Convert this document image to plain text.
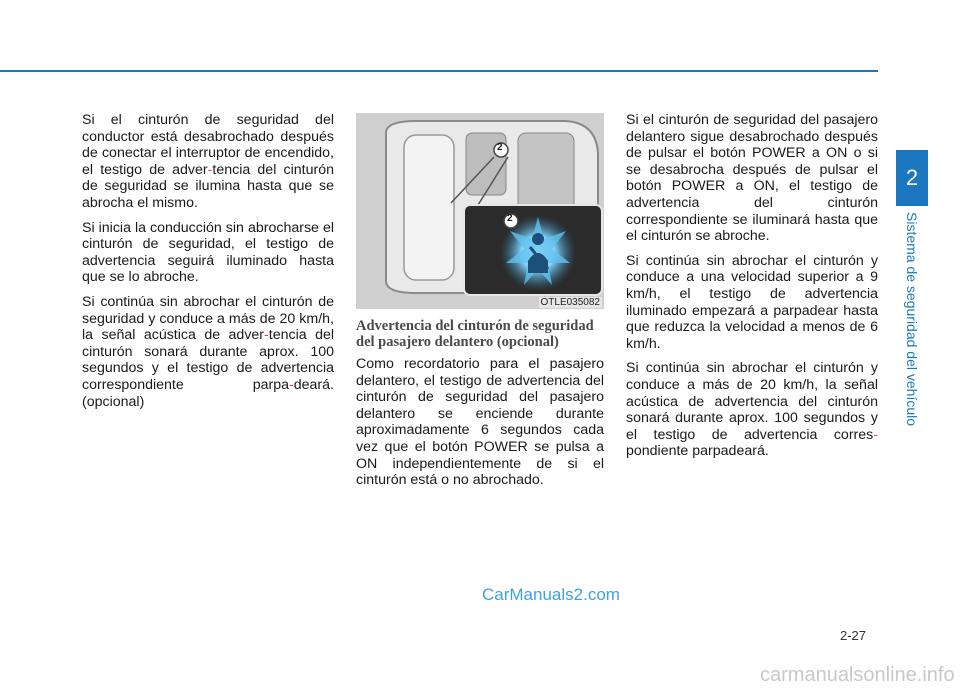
Si el cinturón de seguridad del conductor está desabrochado después de conectar el interruptor de encendido, el testigo de adver-tencia del cinturón de seguridad se ilumina hasta que se abrocha el mismo.

Si inicia la conducción sin abrocharse el cinturón de seguridad, el testigo de advertencia seguirá iluminado hasta que se lo abroche.

Si continúa sin abrochar el cinturón de seguridad y conduce a más de 20 km/h, la señal acústica de adver-tencia del cinturón sonará durante aprox. 100 segundos y el testigo de advertencia correspondiente parpa-deará. (opcional)

2
2
OTLE035082
Advertencia del cinturón de seguridad del pasajero delantero (opcional)

Como recordatorio para el pasajero delantero, el testigo de advertencia del cinturón de seguridad del pasajero delantero se enciende durante aproximadamente 6 segundos cada vez que el botón POWER se pulsa a ON independientemente de si el cinturón está o no abrochado.

Si el cinturón de seguridad del pasajero delantero sigue desabrochado después de pulsar el botón POWER a ON o si se desabrocha después de pulsar el botón POWER a ON, el testigo de advertencia del cinturón correspondiente se iluminará hasta que el cinturón se abroche.

Si continúa sin abrochar el cinturón y conduce a una velocidad superior a 9 km/h, el testigo de advertencia iluminado empezará a parpadear hasta que reduzca la velocidad a menos de 6 km/h.

Si continúa sin abrochar el cinturón y conduce a más de 20 km/h, la señal acústica de advertencia del cinturón sonará durante aprox. 100 segundos y el testigo de advertencia corres-pondiente parpadeará.

2
Sistema de seguridad del vehículo
2-27
CarManuals2.com
carmanualsonline.info
